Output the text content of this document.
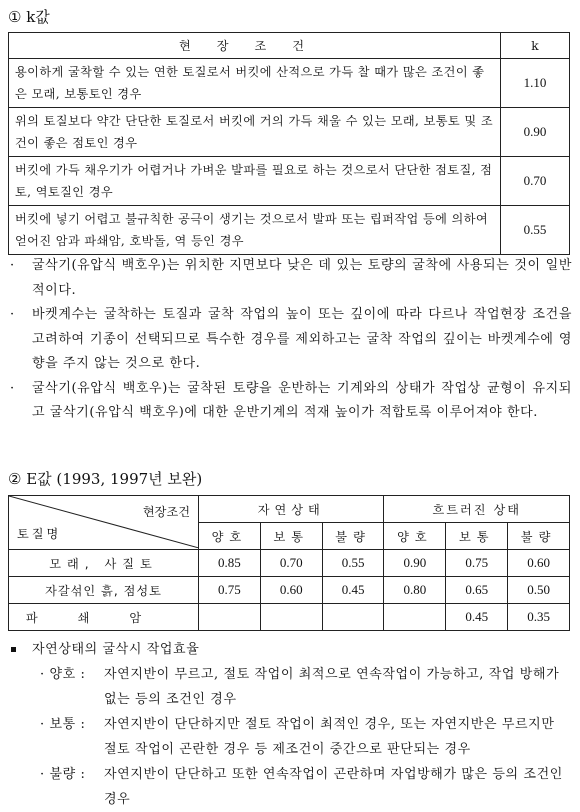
① k값
현장조건	k
용이하게 굴착할 수 있는 연한 토질로서 버킷에 산적으로 가득 찰 때가 많은 조건이 좋은 모래, 보통토인 경우	1.10
위의 토질보다 약간 단단한 토질로서 버킷에 거의 가득 채울 수 있는 모래, 보통토 및 조건이 좋은 점토인 경우	0.90
버킷에 가득 채우기가 어렵거나 가벼운 발파를 필요로 하는 것으로서 단단한 점토질, 점토, 역토질인 경우	0.70
버킷에 넣기 어렵고 불규칙한 공극이 생기는 것으로서 발파 또는 립퍼작업 등에 의하여 얻어진 암과 파쇄암, 호박돌, 역 등인 경우	0.55
· 굴삭기(유압식 백호우)는 위치한 지면보다 낮은 데 있는 토량의 굴착에 사용되는 것이 일반적이다.
· 바켓계수는 굴착하는 토질과 굴착 작업의 높이 또는 깊이에 따라 다르나 작업현장 조건을 고려하여 기종이 선택되므로 특수한 경우를 제외하고는 굴착 작업의 깊이는 바켓계수에 영향을 주지 않는 것으로 한다.
· 굴삭기(유압식 백호우)는 굴착된 토량을 운반하는 기계와의 상태가 작업상 균형이 유지되고 굴삭기(유압식 백호우)에 대한 운반기계의 적재 높이가 적합토록 이루어져야 한다.
② E값 (1993, 1997년 보완)
현장조건
토질명	자연상태			흐트러진 상태		
	양호	보통	불량	양호	보통	불량
모래, 사질토	0.85	0.70	0.55	0.90	0.75	0.60
자갈섞인 흙, 점성토	0.75	0.60	0.45	0.80	0.65	0.50
파쇄암					0.45	0.35
자연상태의 굴삭시 작업효율
· 양호 : 자연지반이 무르고, 절토 작업이 최적으로 연속작업이 가능하고, 작업 방해가 없는 등의 조건인 경우
· 보통 : 자연지반이 단단하지만 절토 작업이 최적인 경우, 또는 자연지반은 무르지만 절토 작업이 곤란한 경우 등 제조건이 중간으로 판단되는 경우
· 불량 : 자연지반이 단단하고 또한 연속작업이 곤란하며 자업방해가 많은 등의 조건인 경우
